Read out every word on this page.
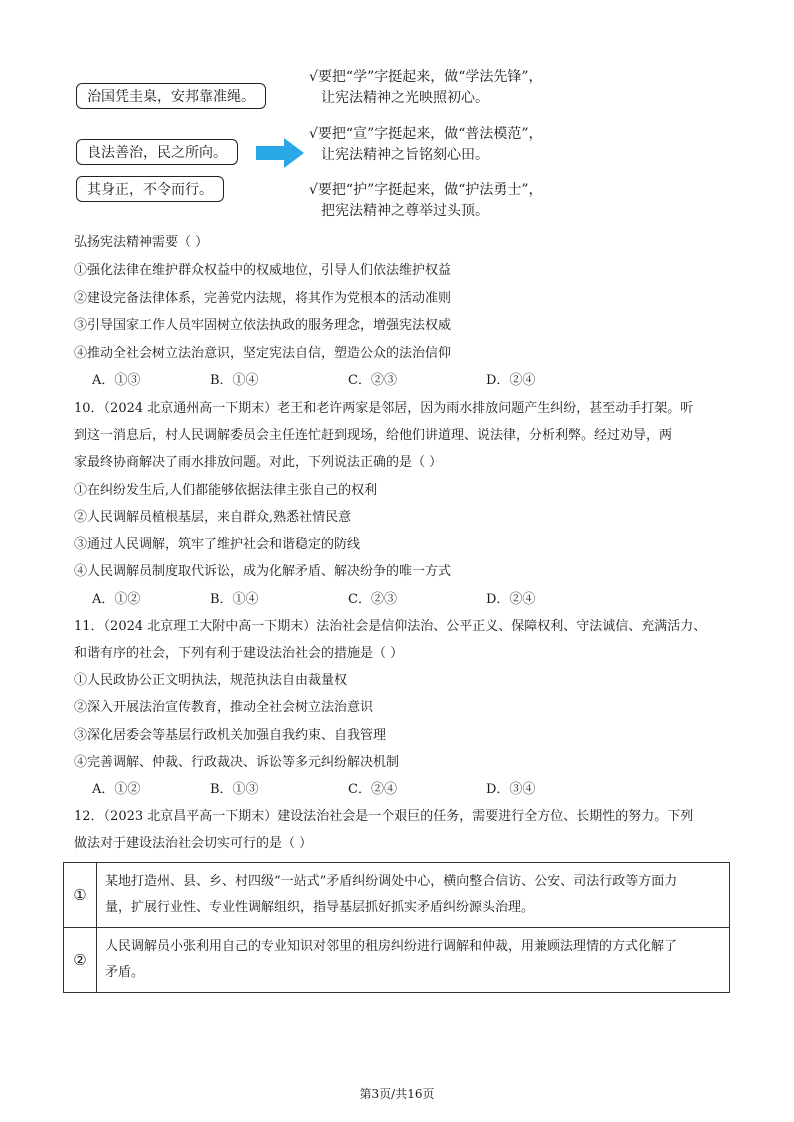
治国凭圭臬，安邦靠准绳。
良法善治，民之所向。
其身正，不令而行。
√要把“学”字挺起来，做“学法先锋”，
让宪法精神之光映照初心。
√要把“宣”字挺起来，做“普法模范”，
让宪法精神之旨铭刻心田。
√要把“护”字挺起来，做“护法勇士”，
把宪法精神之尊举过头顶。
弘扬宪法精神需要（ ）
①强化法律在维护群众权益中的权威地位，引导人们依法维护权益
②建设完备法律体系，完善党内法规，将其作为党根本的活动准则
③引导国家工作人员牢固树立依法执政的服务理念，增强宪法权威
④推动全社会树立法治意识，坚定宪法自信，塑造公众的法治信仰
A．①③	B．①④	C．②③	D．②④
10．（2024 北京通州高一下期末）老王和老许两家是邻居，因为雨水排放问题产生纠纷，甚至动手打架。听
到这一消息后，村人民调解委员会主任连忙赶到现场，给他们讲道理、说法律，分析利弊。经过劝导，两
家最终协商解决了雨水排放问题。对此，下列说法正确的是（ ）
①在纠纷发生后,人们都能够依据法律主张自己的权利
②人民调解员植根基层，来自群众,熟悉社情民意
③通过人民调解，筑牢了维护社会和谐稳定的防线
④人民调解员制度取代诉讼，成为化解矛盾、解决纷争的唯一方式
A．①②	B．①④	C．②③	D．②④
11．（2024 北京理工大附中高一下期末）法治社会是信仰法治、公平正义、保障权利、守法诚信、充满活力、
和谐有序的社会，下列有利于建设法治社会的措施是（ ）
①人民政协公正文明执法，规范执法自由裁量权
②深入开展法治宣传教育，推动全社会树立法治意识
③深化居委会等基层行政机关加强自我约束、自我管理
④完善调解、仲裁、行政裁决、诉讼等多元纠纷解决机制
A．①②	B．①③	C．②④	D．③④
12．（2023 北京昌平高一下期末）建设法治社会是一个艰巨的任务，需要进行全方位、长期性的努力。下列
做法对于建设法治社会切实可行的是（ ）
①	某地打造州、县、乡、村四级“一站式”矛盾纠纷调处中心，横向整合信访、公安、司法行政等方面力
量，扩展行业性、专业性调解组织，指导基层抓好抓实矛盾纠纷源头治理。

②	人民调解员小张利用自己的专业知识对邻里的租房纠纷进行调解和仲裁，用兼顾法理情的方式化解了
矛盾。
第3页/共16页
